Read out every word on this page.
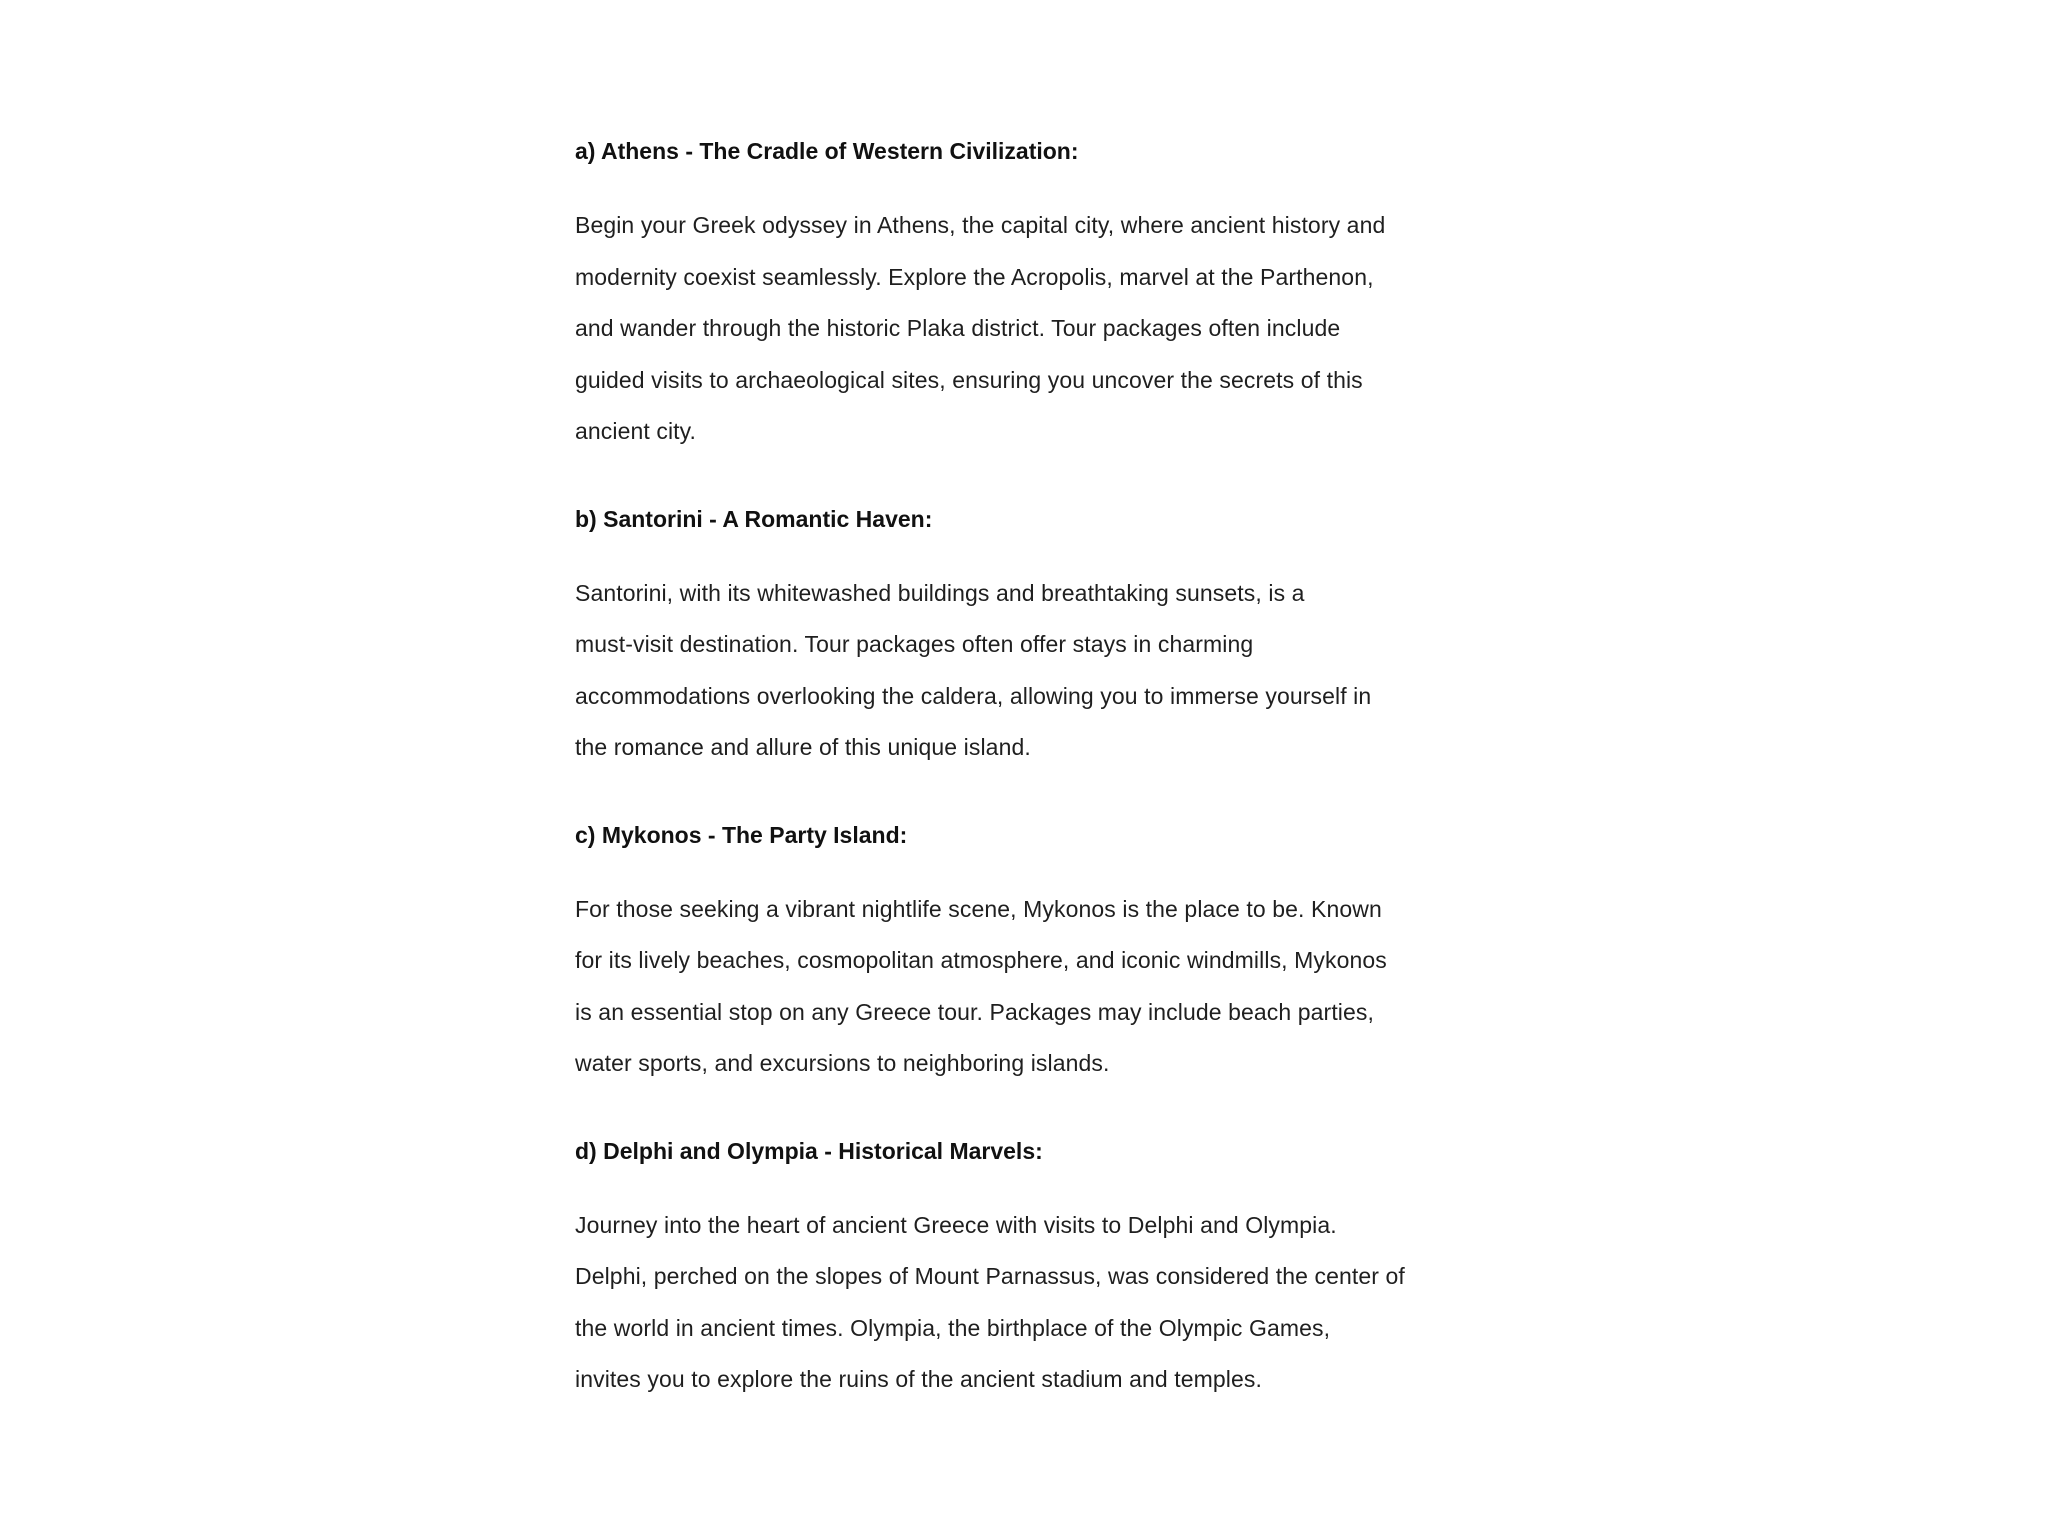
a) Athens - The Cradle of Western Civilization:
Begin your Greek odyssey in Athens, the capital city, where ancient history and
modernity coexist seamlessly. Explore the Acropolis, marvel at the Parthenon,
and wander through the historic Plaka district. Tour packages often include
guided visits to archaeological sites, ensuring you uncover the secrets of this
ancient city.
b) Santorini - A Romantic Haven:
Santorini, with its whitewashed buildings and breathtaking sunsets, is a
must-visit destination. Tour packages often offer stays in charming
accommodations overlooking the caldera, allowing you to immerse yourself in
the romance and allure of this unique island.
c) Mykonos - The Party Island:
For those seeking a vibrant nightlife scene, Mykonos is the place to be. Known
for its lively beaches, cosmopolitan atmosphere, and iconic windmills, Mykonos
is an essential stop on any Greece tour. Packages may include beach parties,
water sports, and excursions to neighboring islands.
d) Delphi and Olympia - Historical Marvels:
Journey into the heart of ancient Greece with visits to Delphi and Olympia.
Delphi, perched on the slopes of Mount Parnassus, was considered the center of
the world in ancient times. Olympia, the birthplace of the Olympic Games,
invites you to explore the ruins of the ancient stadium and temples.
